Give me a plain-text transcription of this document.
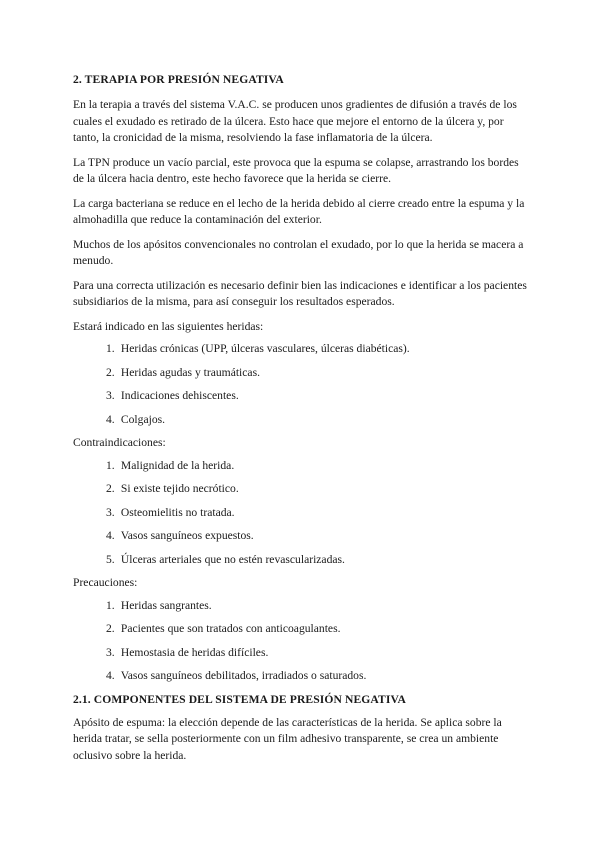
2. TERAPIA POR PRESIÓN NEGATIVA

En la terapia a través del sistema V.A.C. se producen unos gradientes de difusión a través de los cuales el exudado es retirado de la úlcera. Esto hace que mejore el entorno de la úlcera y, por tanto, la cronicidad de la misma, resolviendo la fase inflamatoria de la úlcera.

La TPN produce un vacío parcial, este provoca que la espuma se colapse, arrastrando los bordes de la úlcera hacia dentro, este hecho favorece que la herida se cierre.

La carga bacteriana se reduce en el lecho de la herida debido al cierre creado entre la espuma y la almohadilla que reduce la contaminación del exterior.

Muchos de los apósitos convencionales no controlan el exudado, por lo que la herida se macera a menudo.

Para una correcta utilización es necesario definir bien las indicaciones e identificar a los pacientes subsidiarios de la misma, para así conseguir los resultados esperados.

Estará indicado en las siguientes heridas:

1. Heridas crónicas (UPP, úlceras vasculares, úlceras diabéticas).
2. Heridas agudas y traumáticas.
3. Indicaciones dehiscentes.
4. Colgajos.

Contraindicaciones:

1. Malignidad de la herida.
2. Si existe tejido necrótico.
3. Osteomielitis no tratada.
4. Vasos sanguíneos expuestos.
5. Úlceras arteriales que no estén revascularizadas.

Precauciones:

1. Heridas sangrantes.
2. Pacientes que son tratados con anticoagulantes.
3. Hemostasia de heridas difíciles.
4. Vasos sanguíneos debilitados, irradiados o saturados.
2.1. COMPONENTES DEL SISTEMA DE PRESIÓN NEGATIVA

Apósito de espuma: la elección depende de las características de la herida. Se aplica sobre la herida tratar, se sella posteriormente con un film adhesivo transparente, se crea un ambiente oclusivo sobre la herida.
